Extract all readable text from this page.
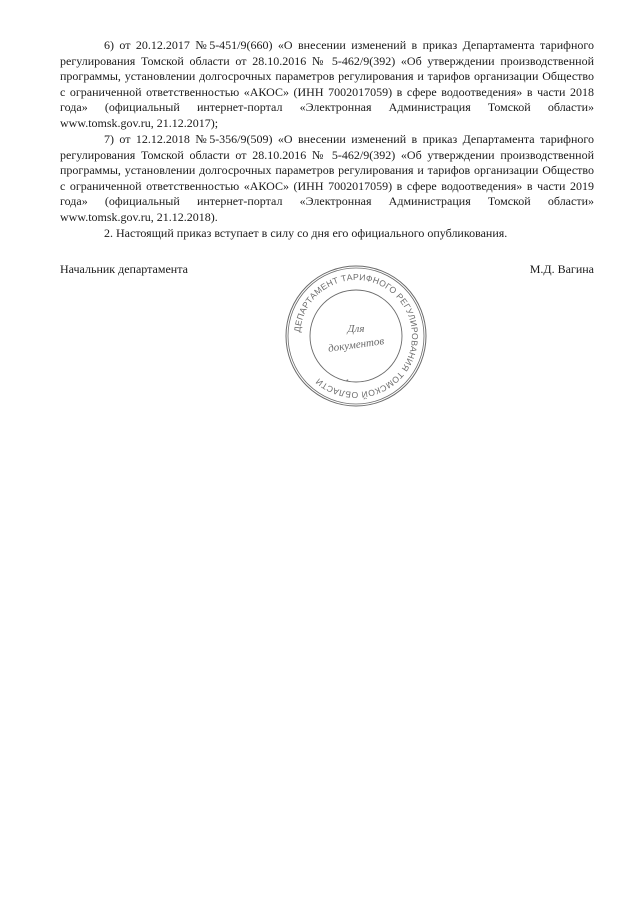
6) от 20.12.2017 №5-451/9(660) «О внесении изменений в приказ Департамента тарифного регулирования Томской области от 28.10.2016 № 5-462/9(392) «Об утверждении производственной программы, установлении долгосрочных параметров регулирования и тарифов организации Общество с ограниченной ответственностью «АКОС» (ИНН 7002017059) в сфере водоотведения» в части 2018 года» (официальный интернет-портал «Электронная Администрация Томской области» www.tomsk.gov.ru, 21.12.2017);

7) от 12.12.2018 №5-356/9(509) «О внесении изменений в приказ Департамента тарифного регулирования Томской области от 28.10.2016 № 5-462/9(392) «Об утверждении производственной программы, установлении долгосрочных параметров регулирования и тарифов организации Общество с ограниченной ответственностью «АКОС» (ИНН 7002017059) в сфере водоотведения» в части 2019 года» (официальный интернет-портал «Электронная Администрация Томской области» www.tomsk.gov.ru, 21.12.2018).

2. Настоящий приказ вступает в силу со дня его официального опубликования.

Начальник департамента	М.Д. Вагина
ДЕПАРТАМЕНТ ТАРИФНОГО РЕГУЛИРОВАНИЯ ТОМСКОЙ ОБЛАСТИ	*
Для
документов
